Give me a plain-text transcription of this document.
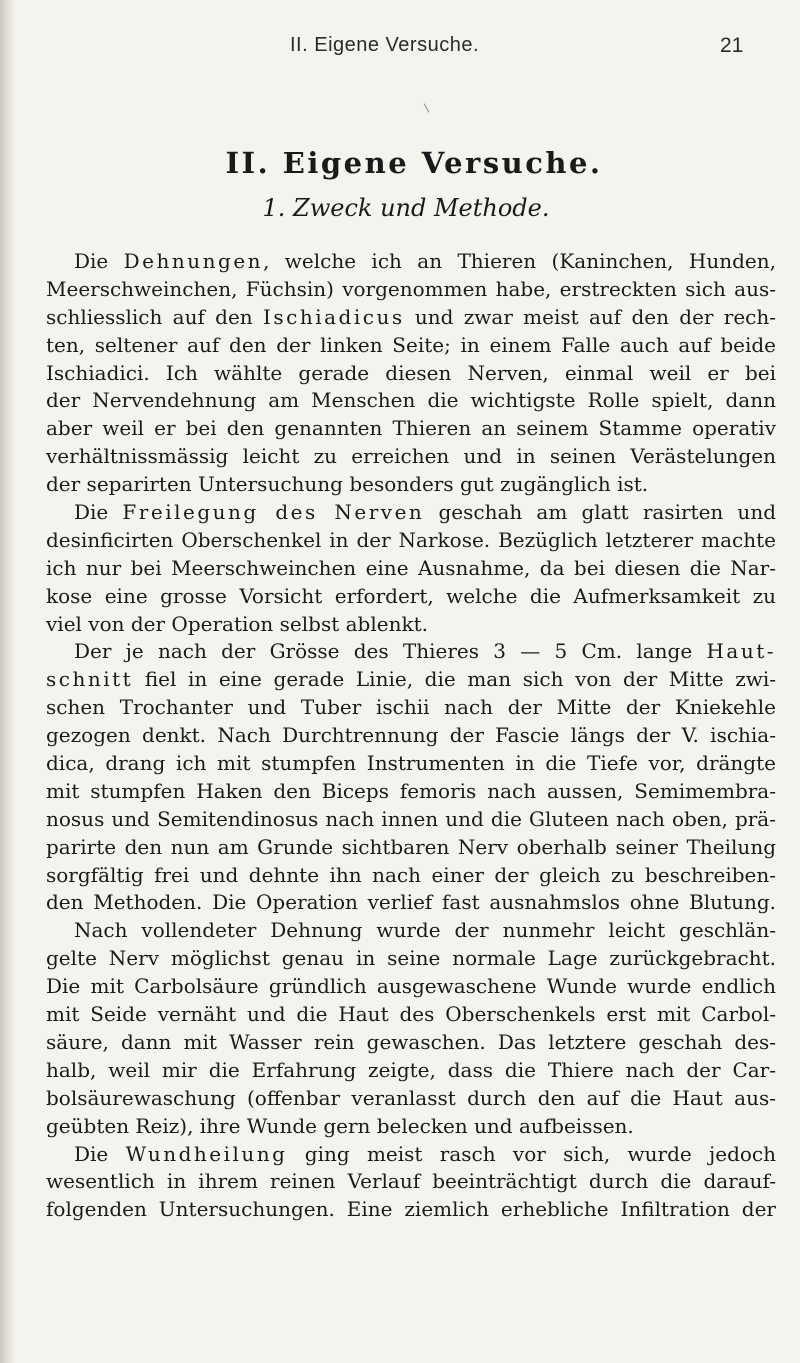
II. Eigene Versuche.	21
II. Eigene Versuche.
1. Zweck und Methode.
Die Dehnungen, welche ich an Thieren (Kaninchen, Hunden,
Meerschweinchen, Füchsin) vorgenommen habe, erstreckten sich aus-
schliesslich auf den Ischiadicus und zwar meist auf den der rech-
ten, seltener auf den der linken Seite; in einem Falle auch auf beide
Ischiadici. Ich wählte gerade diesen Nerven, einmal weil er bei
der Nervendehnung am Menschen die wichtigste Rolle spielt, dann
aber weil er bei den genannten Thieren an seinem Stamme operativ
verhältnissmässig leicht zu erreichen und in seinen Verästelungen
der separirten Untersuchung besonders gut zugänglich ist.
Die Freilegung des Nerven geschah am glatt rasirten und
desinficirten Oberschenkel in der Narkose. Bezüglich letzterer machte
ich nur bei Meerschweinchen eine Ausnahme, da bei diesen die Nar-
kose eine grosse Vorsicht erfordert, welche die Aufmerksamkeit zu
viel von der Operation selbst ablenkt.
Der je nach der Grösse des Thieres 3 — 5 Cm. lange Haut-
schnitt fiel in eine gerade Linie, die man sich von der Mitte zwi-
schen Trochanter und Tuber ischii nach der Mitte der Kniekehle
gezogen denkt. Nach Durchtrennung der Fascie längs der V. ischia-
dica, drang ich mit stumpfen Instrumenten in die Tiefe vor, drängte
mit stumpfen Haken den Biceps femoris nach aussen, Semimembra-
nosus und Semitendinosus nach innen und die Gluteen nach oben, prä-
parirte den nun am Grunde sichtbaren Nerv oberhalb seiner Theilung
sorgfältig frei und dehnte ihn nach einer der gleich zu beschreiben-
den Methoden. Die Operation verlief fast ausnahmslos ohne Blutung.
Nach vollendeter Dehnung wurde der nunmehr leicht geschlän-
gelte Nerv möglichst genau in seine normale Lage zurückgebracht.
Die mit Carbolsäure gründlich ausgewaschene Wunde wurde endlich
mit Seide vernäht und die Haut des Oberschenkels erst mit Carbol-
säure, dann mit Wasser rein gewaschen. Das letztere geschah des-
halb, weil mir die Erfahrung zeigte, dass die Thiere nach der Car-
bolsäurewaschung (offenbar veranlasst durch den auf die Haut aus-
geübten Reiz), ihre Wunde gern belecken und aufbeissen.
Die Wundheilung ging meist rasch vor sich, wurde jedoch
wesentlich in ihrem reinen Verlauf beeinträchtigt durch die darauf-
folgenden Untersuchungen. Eine ziemlich erhebliche Infiltration der
